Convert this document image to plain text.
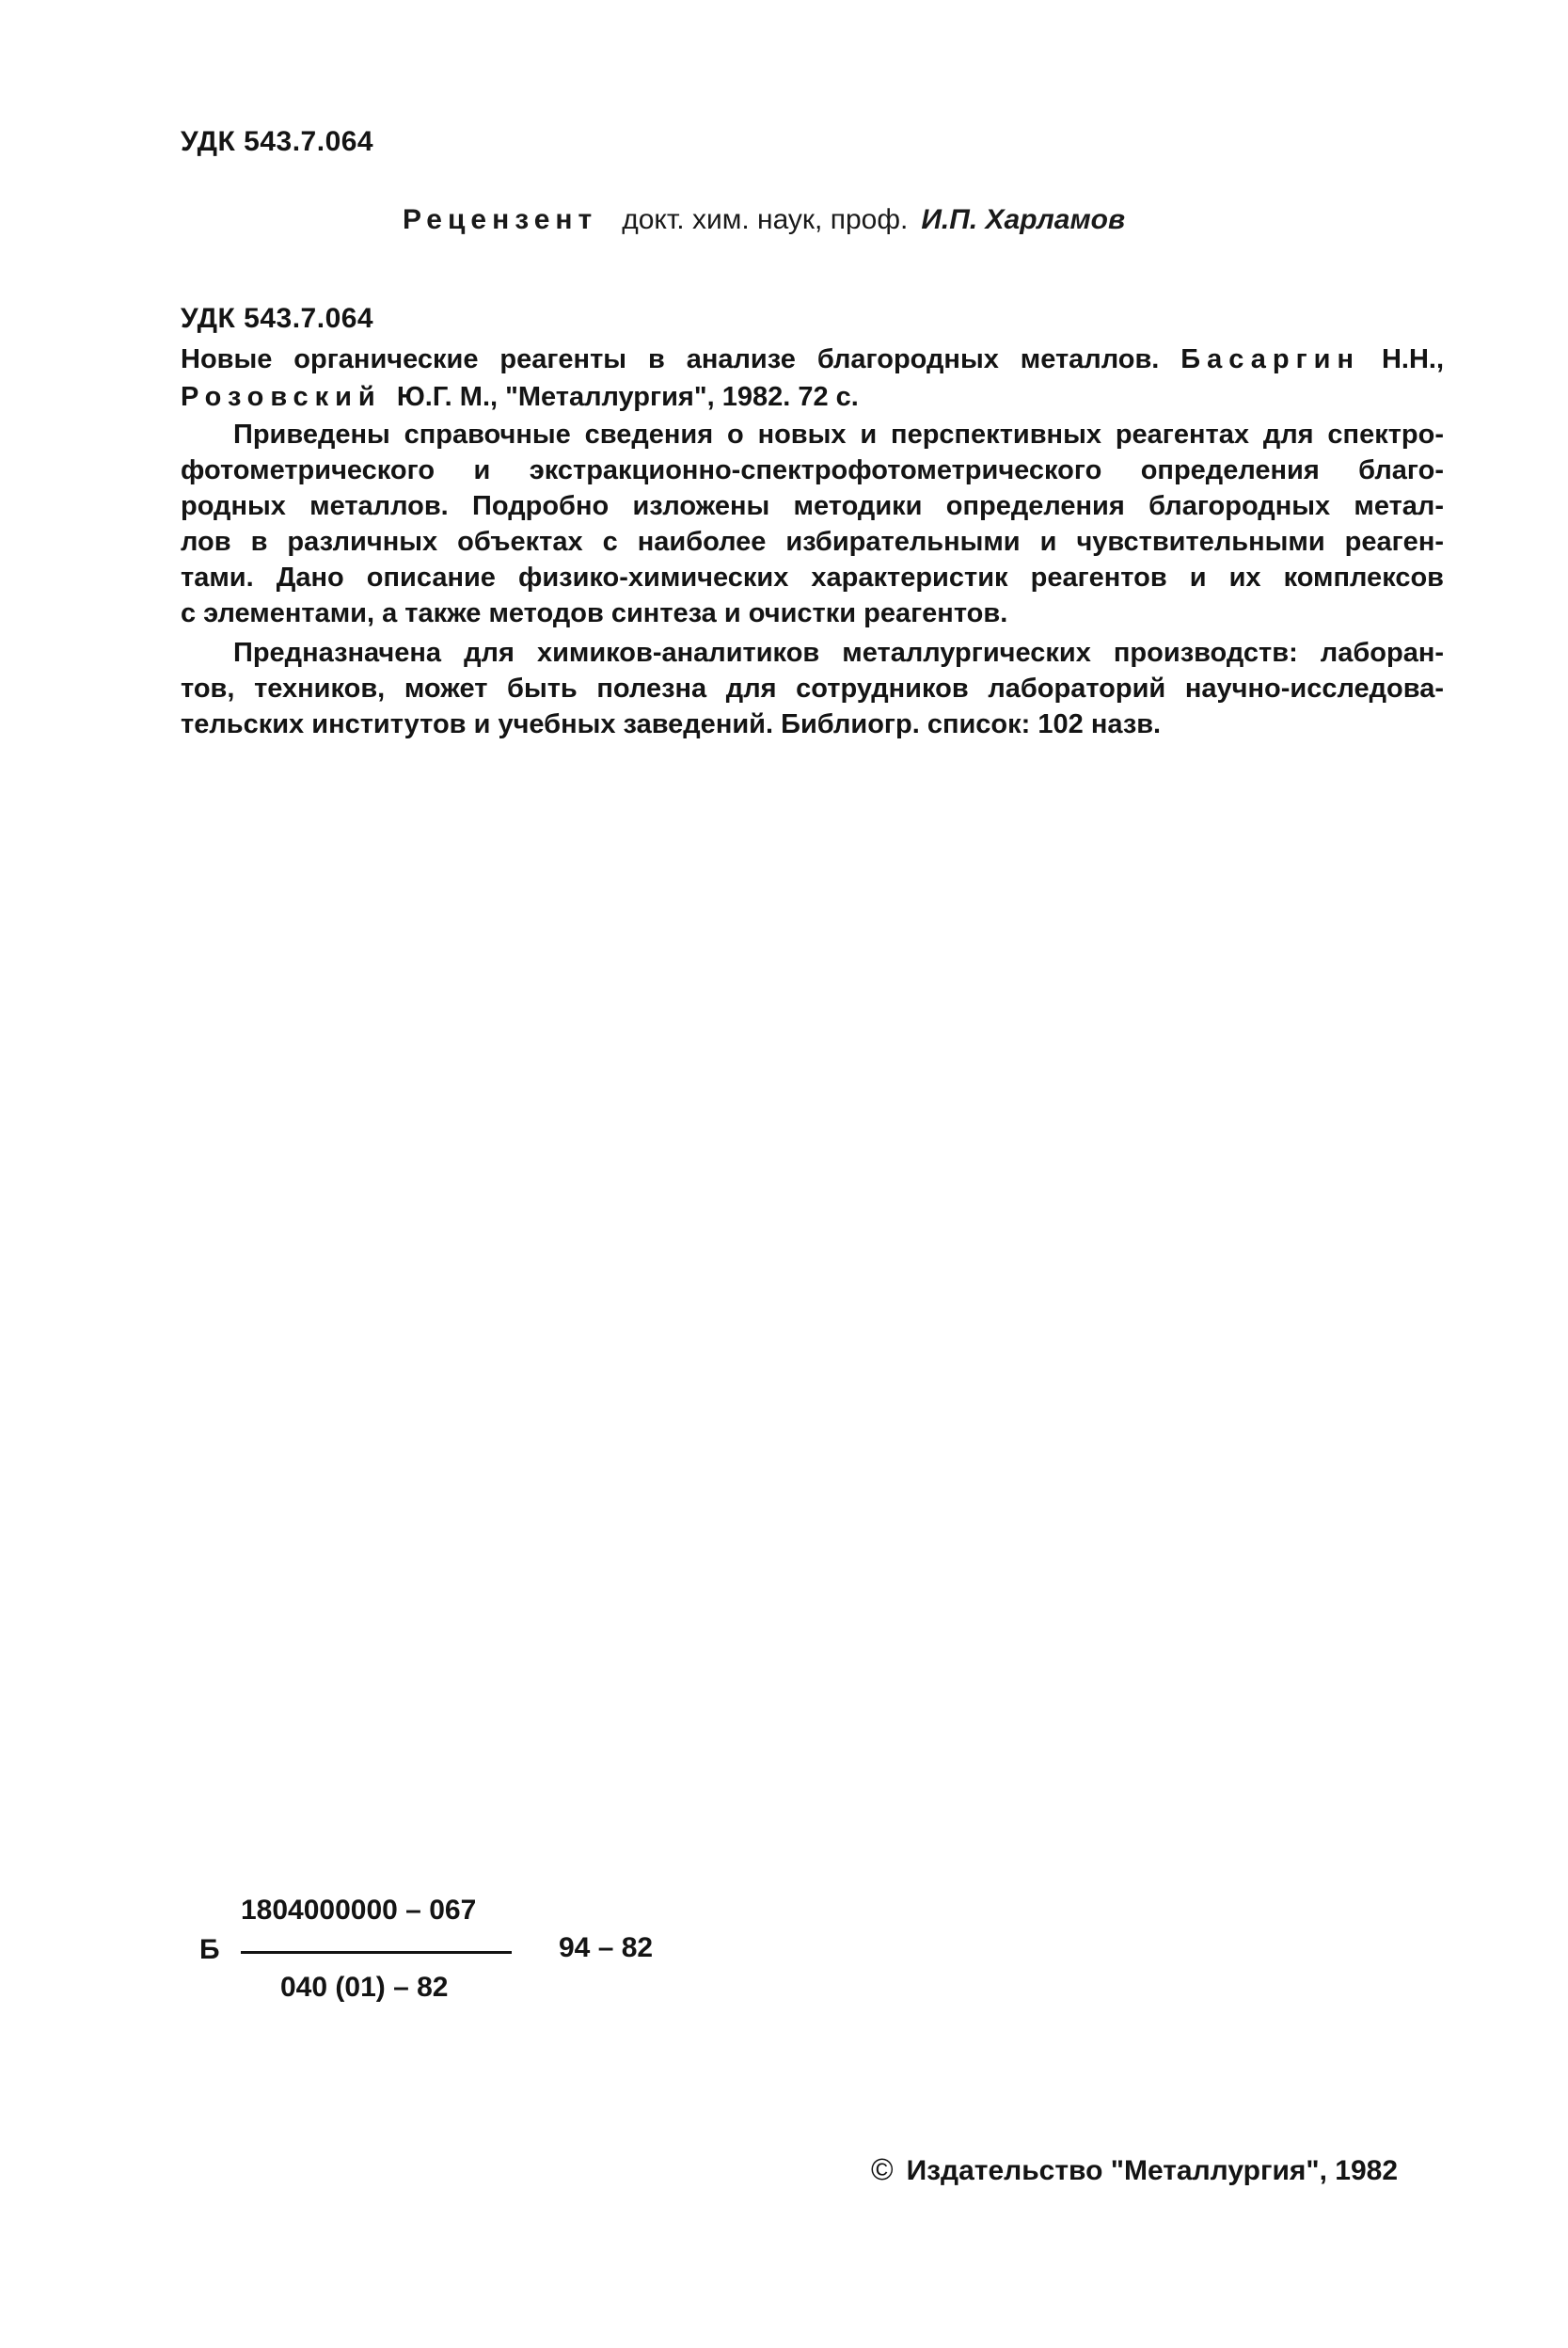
УДК 543.7.064
Рецензент докт. хим. наук, проф. И.П. Харламов
УДК 543.7.064
Новые органические реагенты в анализе благородных металлов. Басаргин Н.Н.,
Розовский Ю.Г. М., "Металлургия", 1982. 72 с.
Приведены справочные сведения о новых и перспективных реагентах для спектро-
фотометрического и экстракционно-спектрофотометрического определения благо-
родных металлов. Подробно изложены методики определения благородных метал-
лов в различных объектах с наиболее избирательными и чувствительными реаген-
тами. Дано описание физико-химических характеристик реагентов и их комплексов
с элементами, а также методов синтеза и очистки реагентов.
Предназначена для химиков-аналитиков металлургических производств: лаборан-
тов, техников, может быть полезна для сотрудников лабораторий научно-исследова-
тельских институтов и учебных заведений. Библиогр. список: 102 назв.
Б
1804000000 – 067
040 (01) – 82
94 – 82
© Издательство "Металлургия", 1982
